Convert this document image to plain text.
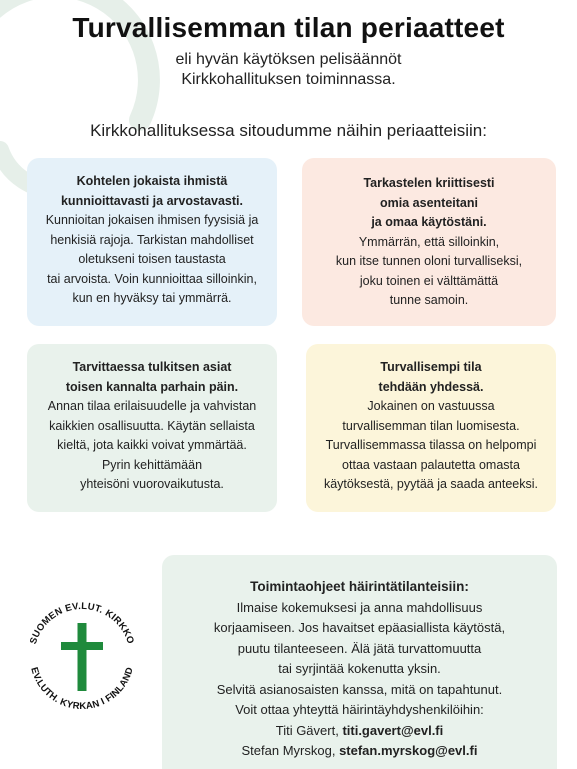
Turvallisemman tilan periaatteet
eli hyvän käytöksen pelisäännöt
Kirkkohallituksen toiminnassa.
Kirkkohallituksessa sitoudumme näihin periaatteisiin:
Kohtelen jokaista ihmistä
kunnioittavasti ja arvostavasti.
Kunnioitan jokaisen ihmisen fyysisiä ja
henkisiä rajoja. Tarkistan mahdolliset
oletukseni toisen taustasta
tai arvoista. Voin kunnioittaa silloinkin,
kun en hyväksy tai ymmärrä.
Tarkastelen kriittisesti
omia asenteitani
ja omaa käytöstäni.
Ymmärrän, että silloinkin,
kun itse tunnen oloni turvalliseksi,
joku toinen ei välttämättä
tunne samoin.
Tarvittaessa tulkitsen asiat
toisen kannalta parhain päin.
Annan tilaa erilaisuudelle ja vahvistan
kaikkien osallisuutta. Käytän sellaista
kieltä, jota kaikki voivat ymmärtää.
Pyrin kehittämään
yhteisöni vuorovaikutusta.
Turvallisempi tila
tehdään yhdessä.
Jokainen on vastuussa
turvallisemman tilan luomisesta.
Turvallisemmassa tilassa on helpompi
ottaa vastaan palautetta omasta
käytöksestä, pyytää ja saada anteeksi.
Toimintaohjeet häirintätilanteisiin:
Ilmaise kokemuksesi ja anna mahdollisuus
korjaamiseen. Jos havaitset epäasiallista käytöstä,
puutu tilanteeseen. Älä jätä turvattomuutta
tai syrjintää kokenutta yksin.
Selvitä asianosaisten kanssa, mitä on tapahtunut.
Voit ottaa yhteyttä häirintäyhdyshenkilöihin:
Titi Gävert, titi.gavert@evl.fi
Stefan Myrskog, stefan.myrskog@evl.fi
SUOMEN EV.LUT. KIRKKO
EV.LUTH. KYRKAN I FINLAND
